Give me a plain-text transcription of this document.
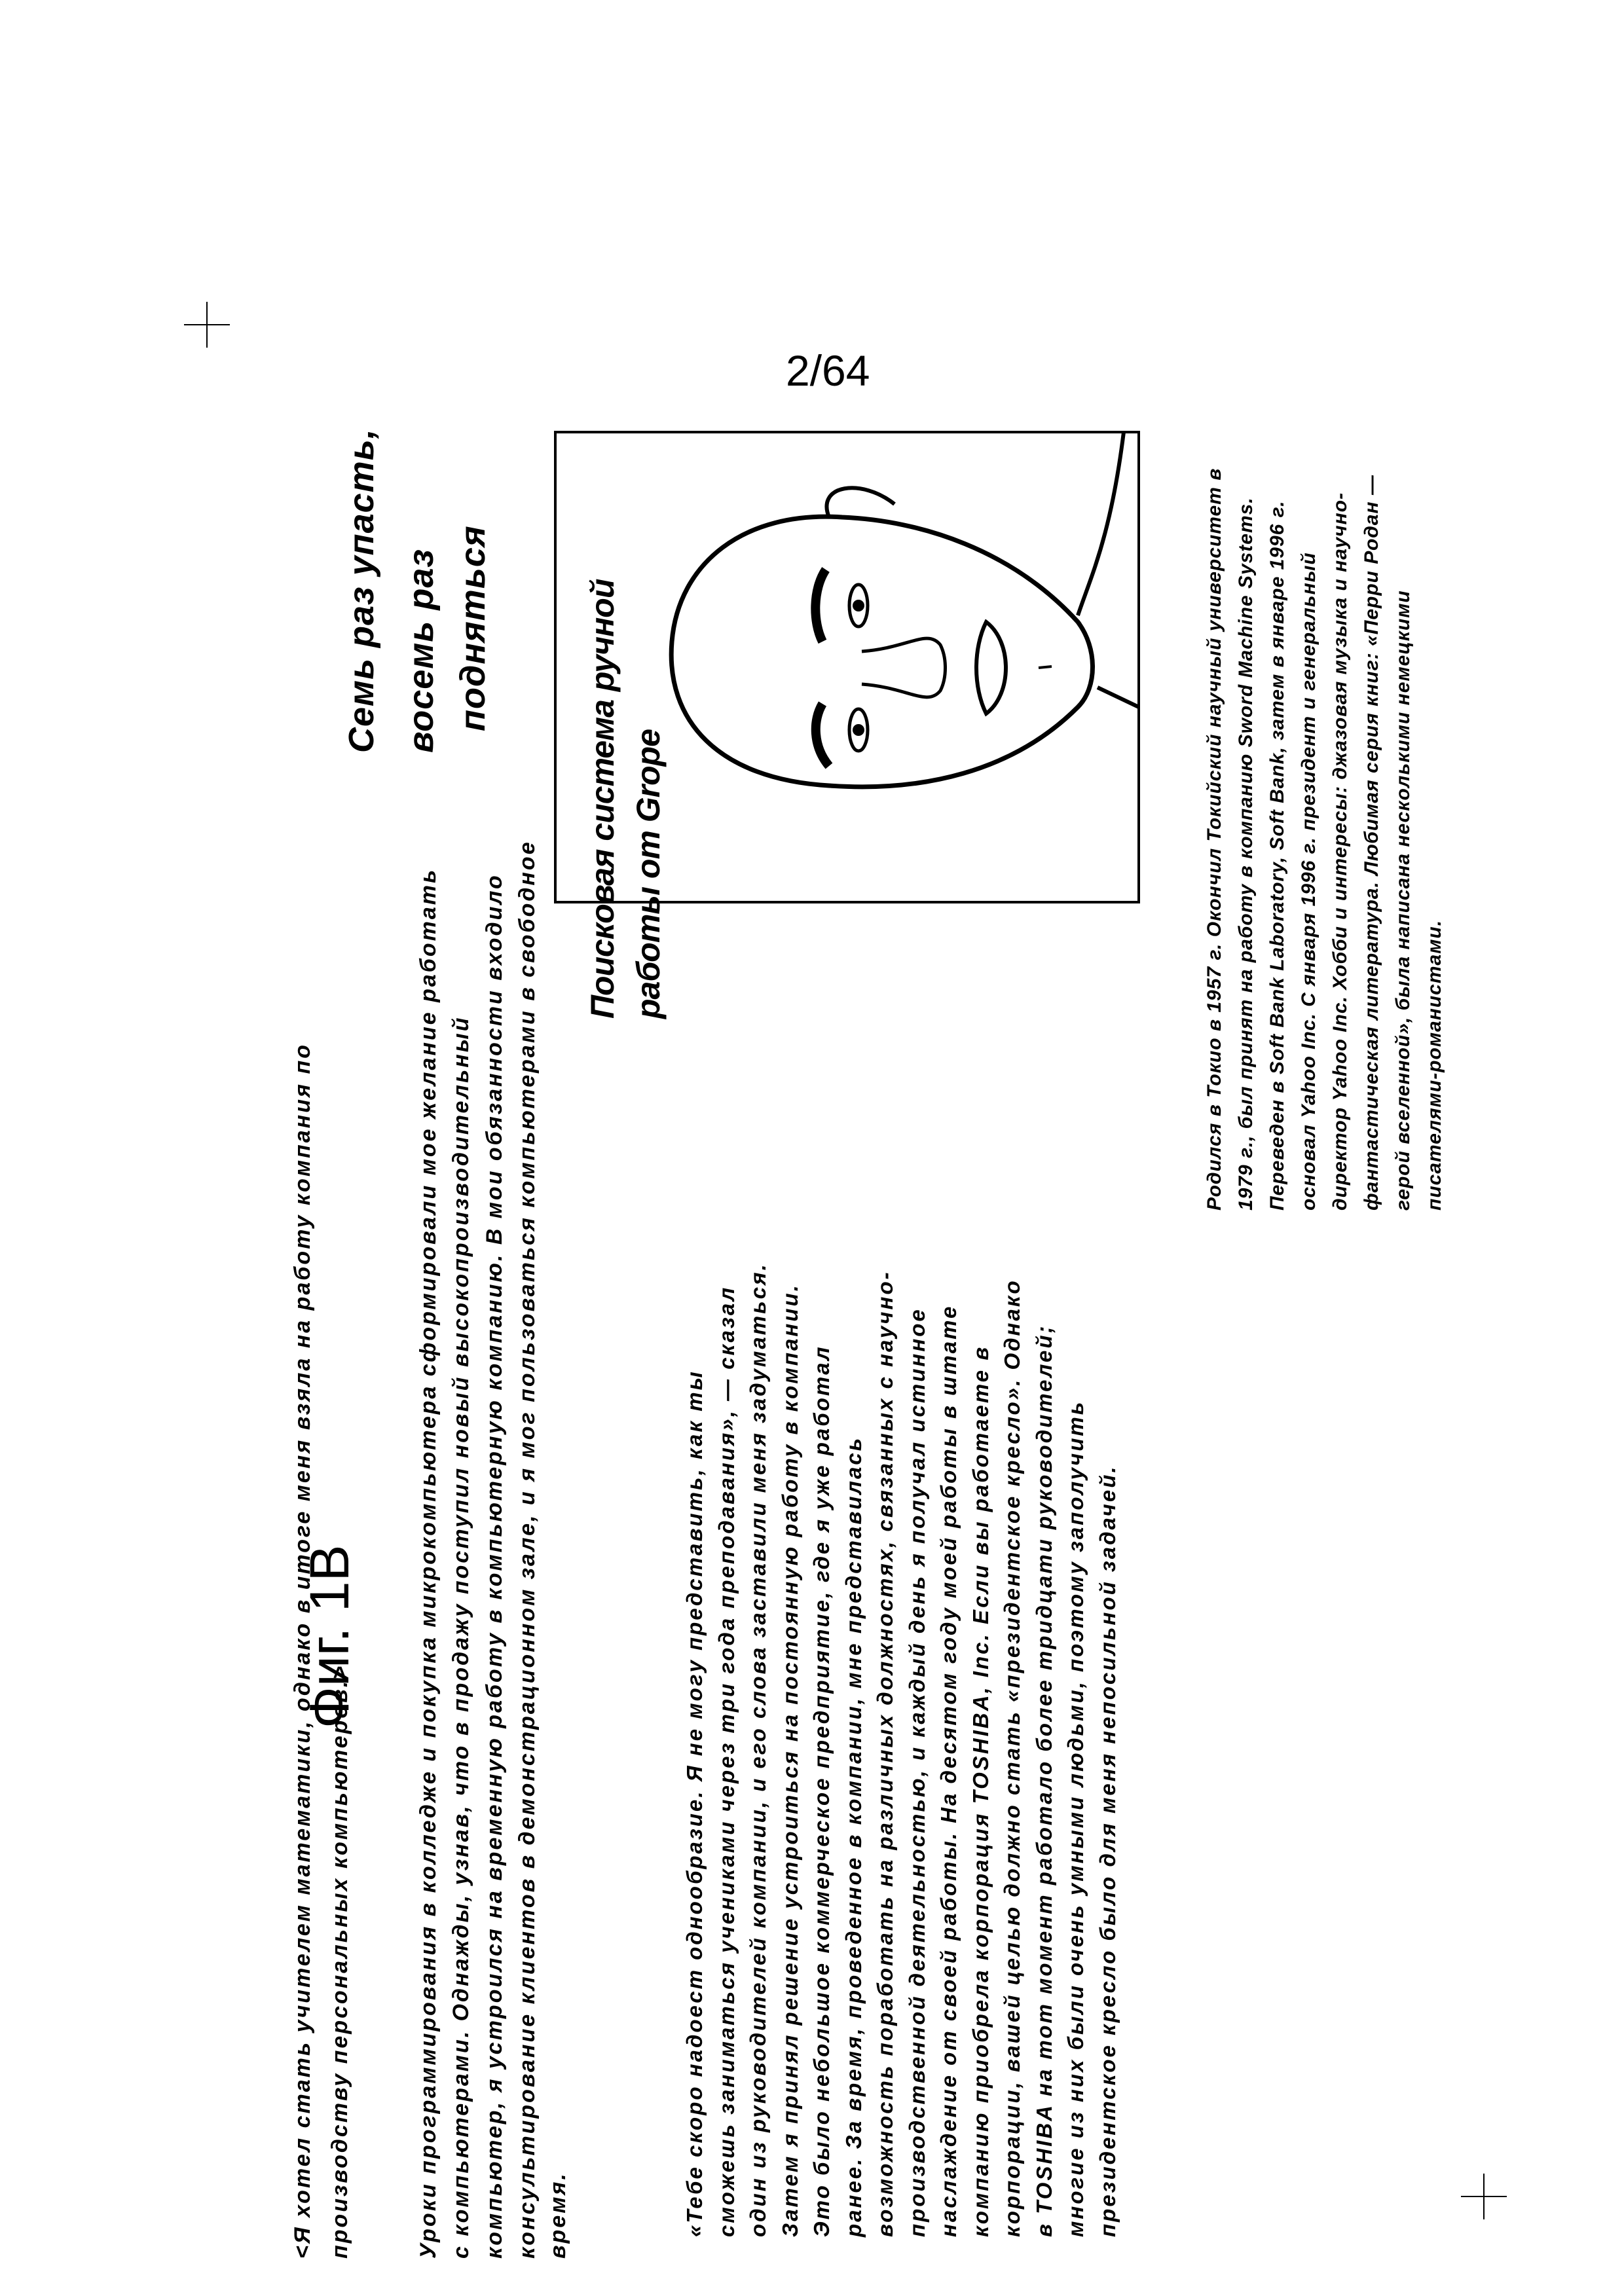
2/64
<Я хотел стать учителем математики, однако в итоге меня взяла на работу компания по производству персональных компьютеров.>	Уроки программирования в колледже и покупка микрокомпьютера сформировали мое желание работать с компьютерами. Однажды, узнав, что в продажу поступил новый высокопроизводительный компьютер, я устроился на временную работу в компьютерную компанию. В мои обязанности входило консультирование клиентов в демонстрационном зале, и я мог пользоваться компьютерами в свободное время.
Семь раз упасть, восемь раз подняться	Поисковая система ручной работы от Grope
«Тебе скоро надоест однообразие. Я не могу представить, как ты сможешь заниматься учениками через три года преподавания», — сказал один из руководителей компании, и его слова заставили меня задуматься. Затем я принял решение устроиться на постоянную работу в компании. Это было небольшое коммерческое предприятие, где я уже работал ранее. За время, проведенное в компании, мне представилась возможность поработать на различных должностях, связанных с научно- производственной деятельностью, и каждый день я получал истинное наслаждение от своей работы. На десятом году моей работы в штате компанию приобрела корпорация TOSHIBA, Inc. Если вы работаете в корпорации, вашей целью должно стать «президентское кресло». Однако в TOSHIBA на тот момент работало более тридцати руководителей; многие из них были очень умными людьми, поэтому заполучить президентское кресло было для меня непосильной задачей.
Родился в Токио в 1957 г. Окончил Токийский научный университет в 1979 г., был принят на работу в компанию Sword Machine Systems. Переведен в Soft Bank Laboratory, Soft Bank, затем в январе 1996 г. основал Yahoo Inc. С января 1996 г. президент и генеральный директор Yahoo Inc. Хобби и интересы: джазовая музыка и научно- фантастическая литература. Любимая серия книг: «Перри Родан — герой вселенной», была написана несколькими немецкими писателями-романистами.
Фиг. 1B
